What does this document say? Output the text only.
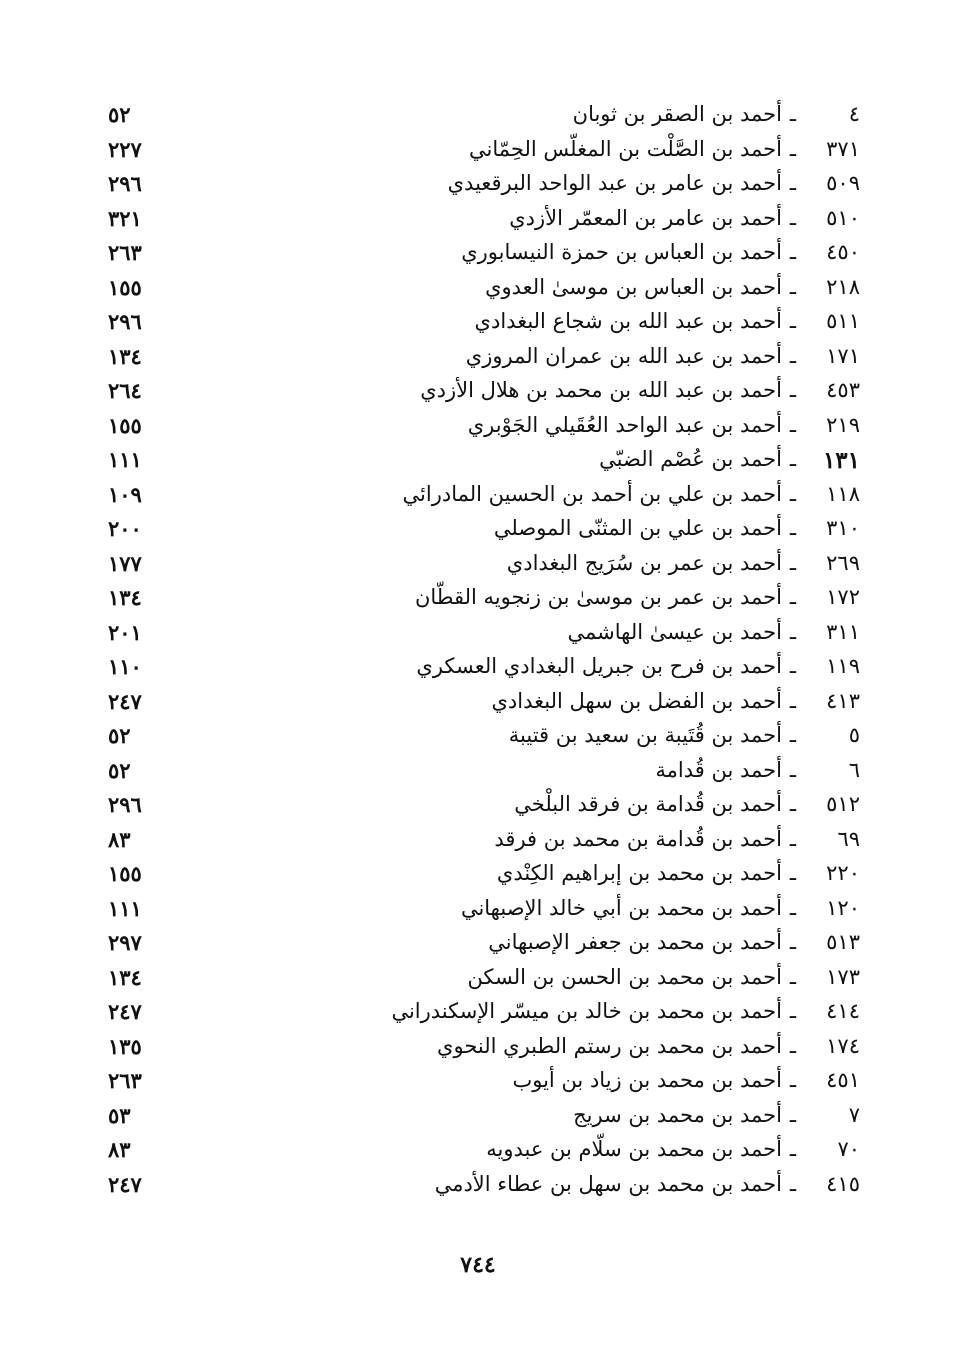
٤
ـ
أحمد بن الصقر بن ثوبان
٥٢
٣٧١
ـ
أحمد بن الصَّلْت بن المغلّس الحِمّاني
٢٢٧
٥٠٩
ـ
أحمد بن عامر بن عبد الواحد البرقعيدي
٢٩٦
٥١٠
ـ
أحمد بن عامر بن المعمّر الأزدي
٣٢١
٤٥٠
ـ
أحمد بن العباس بن حمزة النيسابوري
٢٦٣
٢١٨
ـ
أحمد بن العباس بن موسىٰ العدوي
١٥٥
٥١١
ـ
أحمد بن عبد الله بن شجاع البغدادي
٢٩٦
١٧١
ـ
أحمد بن عبد الله بن عمران المروزي
١٣٤
٤٥٣
ـ
أحمد بن عبد الله بن محمد بن هلال الأزدي
٢٦٤
٢١٩
ـ
أحمد بن عبد الواحد العُقَيلي الجَوْبري
١٥٥
١٣١
ـ
أحمد بن عُصْم الضبّي
١١١
١١٨
ـ
أحمد بن علي بن أحمد بن الحسين المادرائي
١٠٩
٣١٠
ـ
أحمد بن علي بن المثنّى الموصلي
٢٠٠
٢٦٩
ـ
أحمد بن عمر بن سُرَيج البغدادي
١٧٧
١٧٢
ـ
أحمد بن عمر بن موسىٰ بن زنجويه القطّان
١٣٤
٣١١
ـ
أحمد بن عيسىٰ الهاشمي
٢٠١
١١٩
ـ
أحمد بن فرح بن جبريل البغدادي العسكري
١١٠
٤١٣
ـ
أحمد بن الفضل بن سهل البغدادي
٢٤٧
٥
ـ
أحمد بن قُتَيبة بن سعيد بن قتيبة
٥٢
٦
ـ
أحمد بن قُدامة
٥٢
٥١٢
ـ
أحمد بن قُدامة بن فرقد البلْخي
٢٩٦
٦٩
ـ
أحمد بن قُدامة بن محمد بن فرقد
٨٣
٢٢٠
ـ
أحمد بن محمد بن إبراهيم الكِنْدي
١٥٥
١٢٠
ـ
أحمد بن محمد بن أبي خالد الإصبهاني
١١١
٥١٣
ـ
أحمد بن محمد بن جعفر الإصبهاني
٢٩٧
١٧٣
ـ
أحمد بن محمد بن الحسن بن السكن
١٣٤
٤١٤
ـ
أحمد بن محمد بن خالد بن ميسّر الإسكندراني
٢٤٧
١٧٤
ـ
أحمد بن محمد بن رستم الطبري النحوي
١٣٥
٤٥١
ـ
أحمد بن محمد بن زياد بن أيوب
٢٦٣
٧
ـ
أحمد بن محمد بن سريج
٥٣
٧٠
ـ
أحمد بن محمد بن سلّام بن عبدويه
٨٣
٤١٥
ـ
أحمد بن محمد بن سهل بن عطاء الأدمي
٢٤٧
٧٤٤
